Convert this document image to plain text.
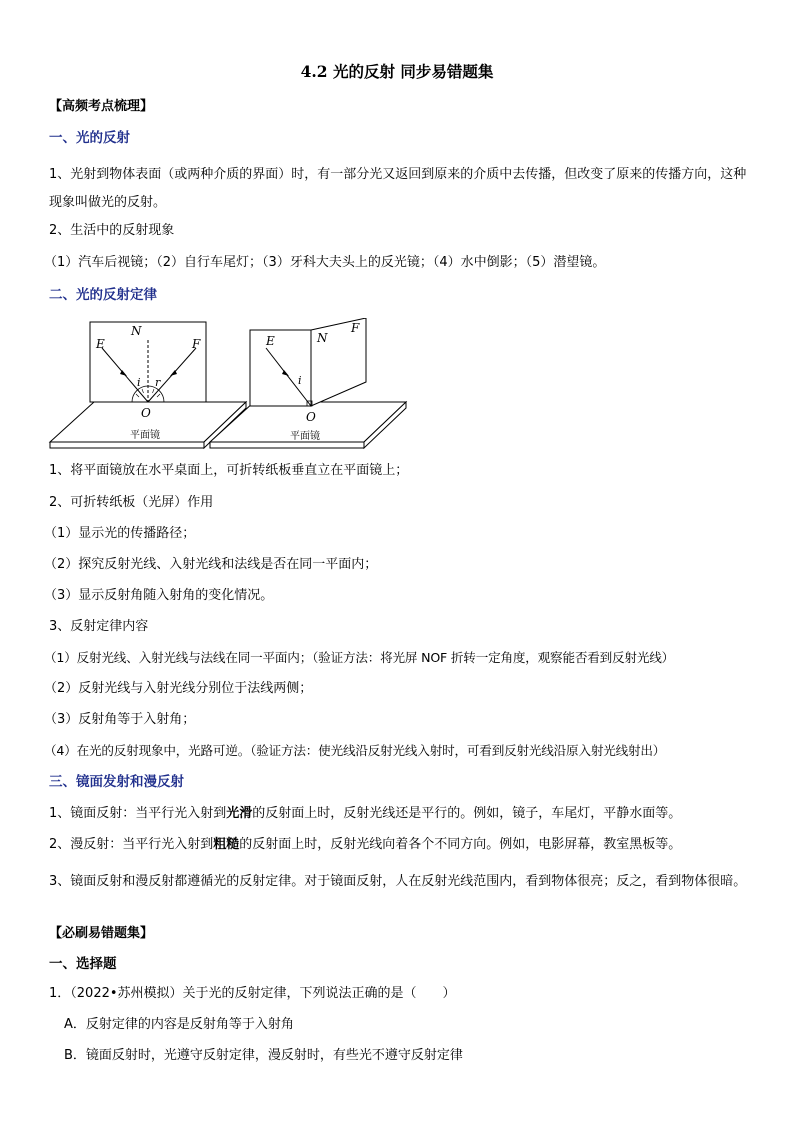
4.2 光的反射 同步易错题集
【高频考点梳理】
一、光的反射
1、光射到物体表面（或两种介质的界面）时，有一部分光又返回到原来的介质中去传播，但改变了原来的传播方向，这种现象叫做光的反射。
2、生活中的反射现象
（1）汽车后视镜；（2）自行车尾灯；（3）牙科大夫头上的反光镜；（4）水中倒影；（5）潜望镜。
二、光的反射定律
N
E	F
i r
O
平面镜
N
E
F
i
O
平面镜
1、将平面镜放在水平桌面上，可折转纸板垂直立在平面镜上；
2、可折转纸板（光屏）作用
（1）显示光的传播路径；
（2）探究反射光线、入射光线和法线是否在同一平面内；
（3）显示反射角随入射角的变化情况。
3、反射定律内容
（1）反射光线、入射光线与法线在同一平面内；（验证方法：将光屏 NOF 折转一定角度，观察能否看到反射光线）
（2）反射光线与入射光线分别位于法线两侧；
（3）反射角等于入射角；
（4）在光的反射现象中，光路可逆。（验证方法：使光线沿反射光线入射时，可看到反射光线沿原入射光线射出）
三、镜面发射和漫反射
1、镜面反射：当平行光入射到光滑的反射面上时，反射光线还是平行的。例如，镜子，车尾灯，平静水面等。
2、漫反射：当平行光入射到粗糙的反射面上时，反射光线向着各个不同方向。例如，电影屏幕，教室黑板等。
3、镜面反射和漫反射都遵循光的反射定律。对于镜面反射，人在反射光线范围内，看到物体很亮；反之，看到物体很暗。
【必刷易错题集】
一、选择题
1．（2022•苏州模拟）关于光的反射定律，下列说法正确的是（　　）
A．反射定律的内容是反射角等于入射角
B．镜面反射时，光遵守反射定律，漫反射时，有些光不遵守反射定律
